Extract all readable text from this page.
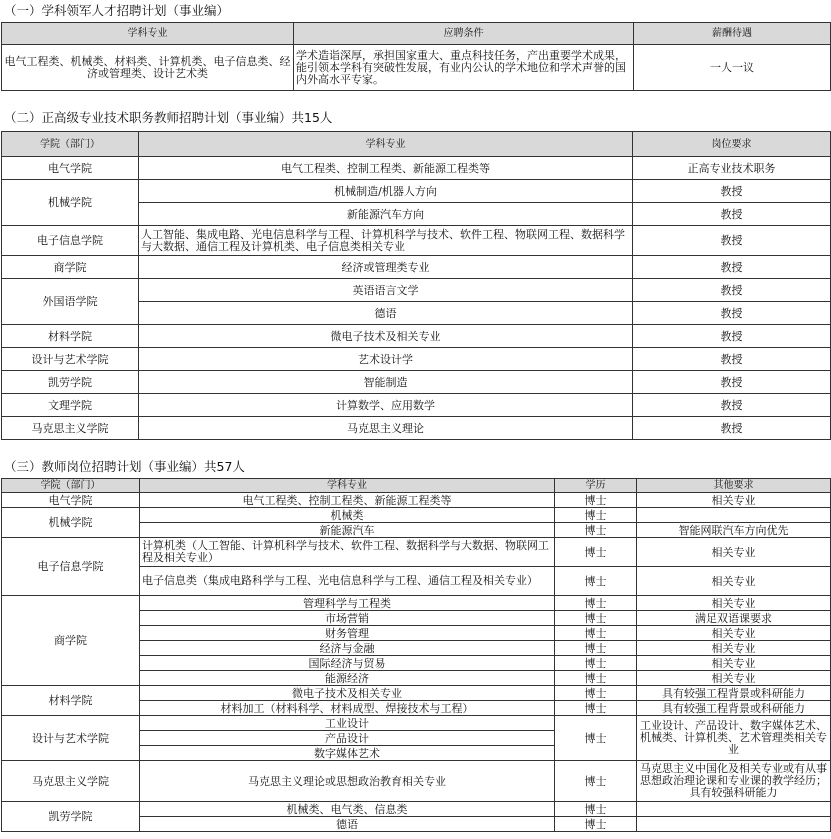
（一）学科领军人才招聘计划（事业编）
学科专业	应聘条件	薪酬待遇
电气工程类、机械类、材料类、计算机类、电子信息类、经济或管理类、设计艺术类	学术造诣深厚，承担国家重大、重点科技任务，产出重要学术成果，能引领本学科有突破性发展，有业内公认的学术地位和学术声誉的国内外高水平专家。	一人一议
（二）正高级专业技术职务教师招聘计划（事业编）共15人
学院（部门）	学科专业	岗位要求
电气学院	电气工程类、控制工程类、新能源工程类等	正高专业技术职务
机械学院	机械制造/机器人方向	教授
	新能源汽车方向	教授
电子信息学院	人工智能、集成电路、光电信息科学与工程、计算机科学与技术、软件工程、物联网工程、数据科学与大数据、通信工程及计算机类、电子信息类相关专业	教授
商学院	经济或管理类专业	教授
外国语学院	英语语言文学	教授
	德语	教授
材料学院	微电子技术及相关专业	教授
设计与艺术学院	艺术设计学	教授
凯劳学院	智能制造	教授
文理学院	计算数学、应用数学	教授
马克思主义学院	马克思主义理论	教授
（三）教师岗位招聘计划（事业编）共57人
学院（部门）	学科专业	学历	其他要求
电气学院	电气工程类、控制工程类、新能源工程类等	博士	相关专业
机械学院	机械类	博士	
	新能源汽车	博士	智能网联汽车方向优先
电子信息学院	计算机类（人工智能、计算机科学与技术、软件工程、数据科学与大数据、物联网工程及相关专业）	博士	相关专业
	电子信息类（集成电路科学与工程、光电信息科学与工程、通信工程及相关专业）	博士	相关专业
商学院	管理科学与工程类	博士	相关专业
	市场营销	博士	满足双语课要求
	财务管理	博士	相关专业
	经济与金融	博士	相关专业
	国际经济与贸易	博士	相关专业
	能源经济	博士	相关专业
材料学院	微电子技术及相关专业	博士	具有较强工程背景或科研能力
	材料加工（材料科学、材料成型、焊接技术与工程）	博士	具有较强工程背景或科研能力
设计与艺术学院	工业设计	博士	工业设计、产品设计、数字媒体艺术、机械类、计算机类、艺术管理类相关专业
	产品设计		
	数字媒体艺术		
马克思主义学院	马克思主义理论或思想政治教育相关专业	博士	马克思主义中国化及相关专业或有从事思想政治理论课和专业课的教学经历；具有较强科研能力
凯劳学院	机械类、电气类、信息类	博士	
	德语	博士	
